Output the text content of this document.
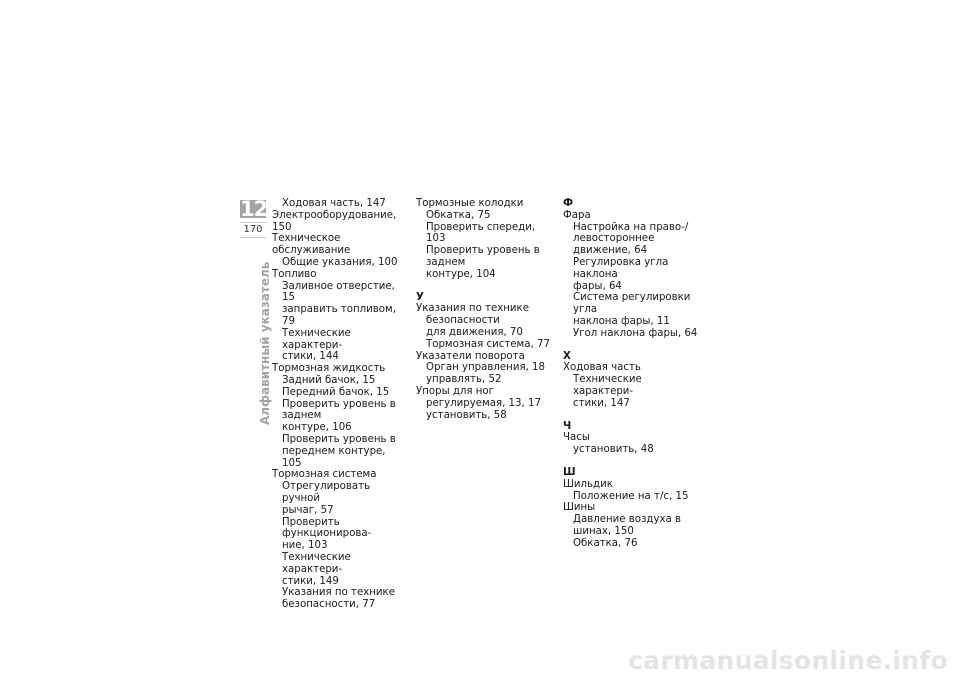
12
170
Алфавитный указатель
Ходовая часть, 147
Электрооборудование, 150
Техническое обслуживание
Общие указания, 100
Топливо
Заливное отверстие, 15
заправить топливом, 79
Технические характери-
стики, 144
Тормозная жидкость
Задний бачок, 15
Передний бачок, 15
Проверить уровень в заднем
контуре, 106
Проверить уровень в
переднем контуре, 105
Тормозная система
Отрегулировать ручной
рычаг, 57
Проверить функционирова-
ние, 103
Технические характери-
стики, 149
Указания по технике
безопасности, 77
Тормозные колодки
Обкатка, 75
Проверить спереди, 103
Проверить уровень в заднем
контуре, 104
У
Указания по технике
безопасности
для движения, 70
Тормозная система, 77
Указатели поворота
Орган управления, 18
управлять, 52
Упоры для ног
регулируемая, 13, 17
установить, 58
Ф
Фара
Настройка на право-/
левостороннее движение, 64
Регулировка угла наклона
фары, 64
Система регулировки угла
наклона фары, 11
Угол наклона фары, 64
Х
Ходовая часть
Технические характери-
стики, 147
Ч
Часы
установить, 48
Ш
Шильдик
Положение на т/с, 15
Шины
Давление воздуха в
шинах, 150
Обкатка, 76
carmanualsonline.info
